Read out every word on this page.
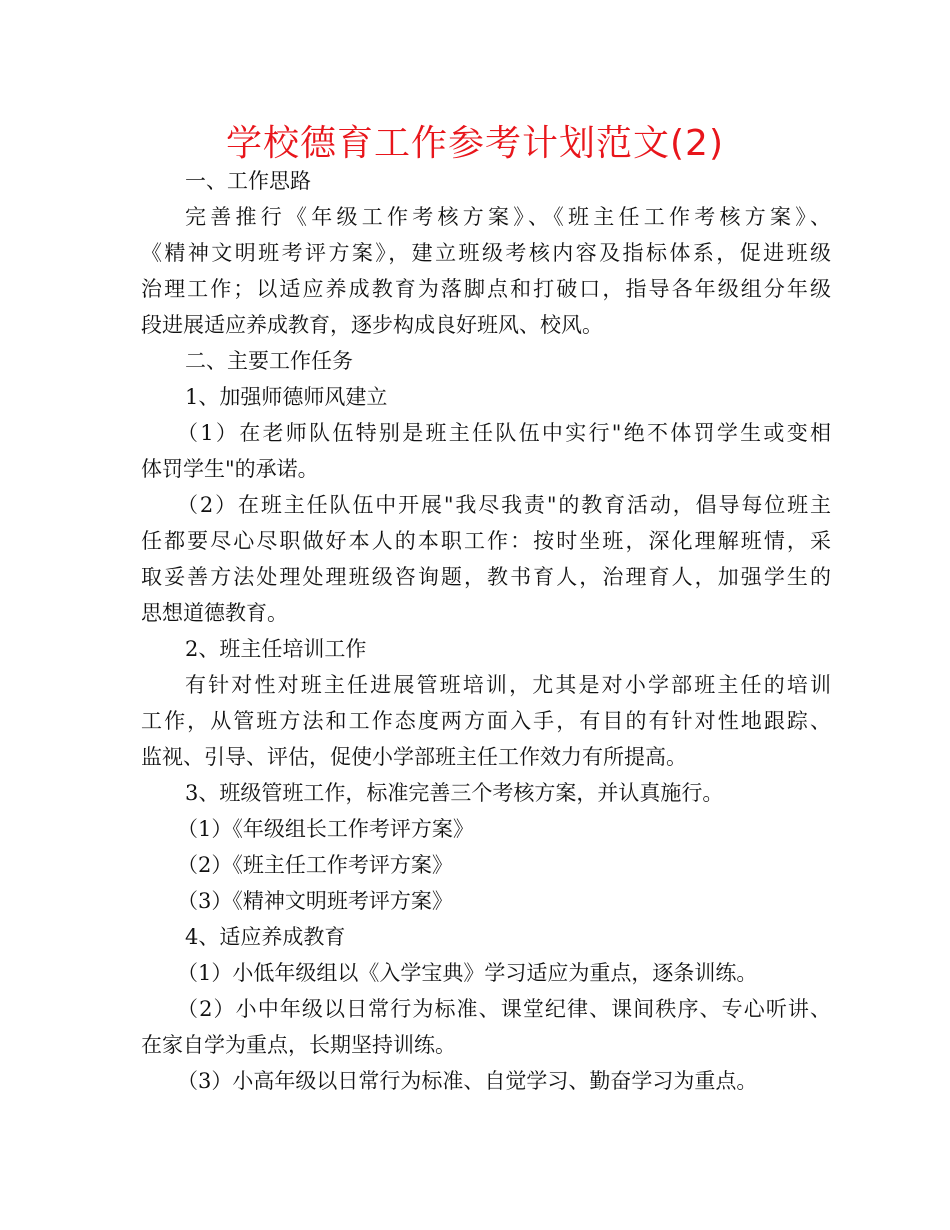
学校德育工作参考计划范文(2)

一、工作思路

完善推行《年级工作考核方案》、《班主任工作考核方案》、

《精神文明班考评方案》，建立班级考核内容及指标体系，促进班级

治理工作；以适应养成教育为落脚点和打破口，指导各年级组分年级

段进展适应养成教育，逐步构成良好班风、校风。

二、主要工作任务

1、加强师德师风建立

（1）在老师队伍特别是班主任队伍中实行"绝不体罚学生或变相

体罚学生"的承诺。

（2）在班主任队伍中开展"我尽我责"的教育活动，倡导每位班主

任都要尽心尽职做好本人的本职工作：按时坐班，深化理解班情，采

取妥善方法处理处理班级咨询题，教书育人，治理育人，加强学生的

思想道德教育。

2、班主任培训工作

有针对性对班主任进展管班培训，尤其是对小学部班主任的培训

工作，从管班方法和工作态度两方面入手，有目的有针对性地跟踪、

监视、引导、评估，促使小学部班主任工作效力有所提高。

3、班级管班工作，标准完善三个考核方案，并认真施行。

（1）《年级组长工作考评方案》

（2）《班主任工作考评方案》

（3）《精神文明班考评方案》

4、适应养成教育

（1）小低年级组以《入学宝典》学习适应为重点，逐条训练。

（2）小中年级以日常行为标准、课堂纪律、课间秩序、专心听讲、

在家自学为重点，长期坚持训练。

（3）小高年级以日常行为标准、自觉学习、勤奋学习为重点。
